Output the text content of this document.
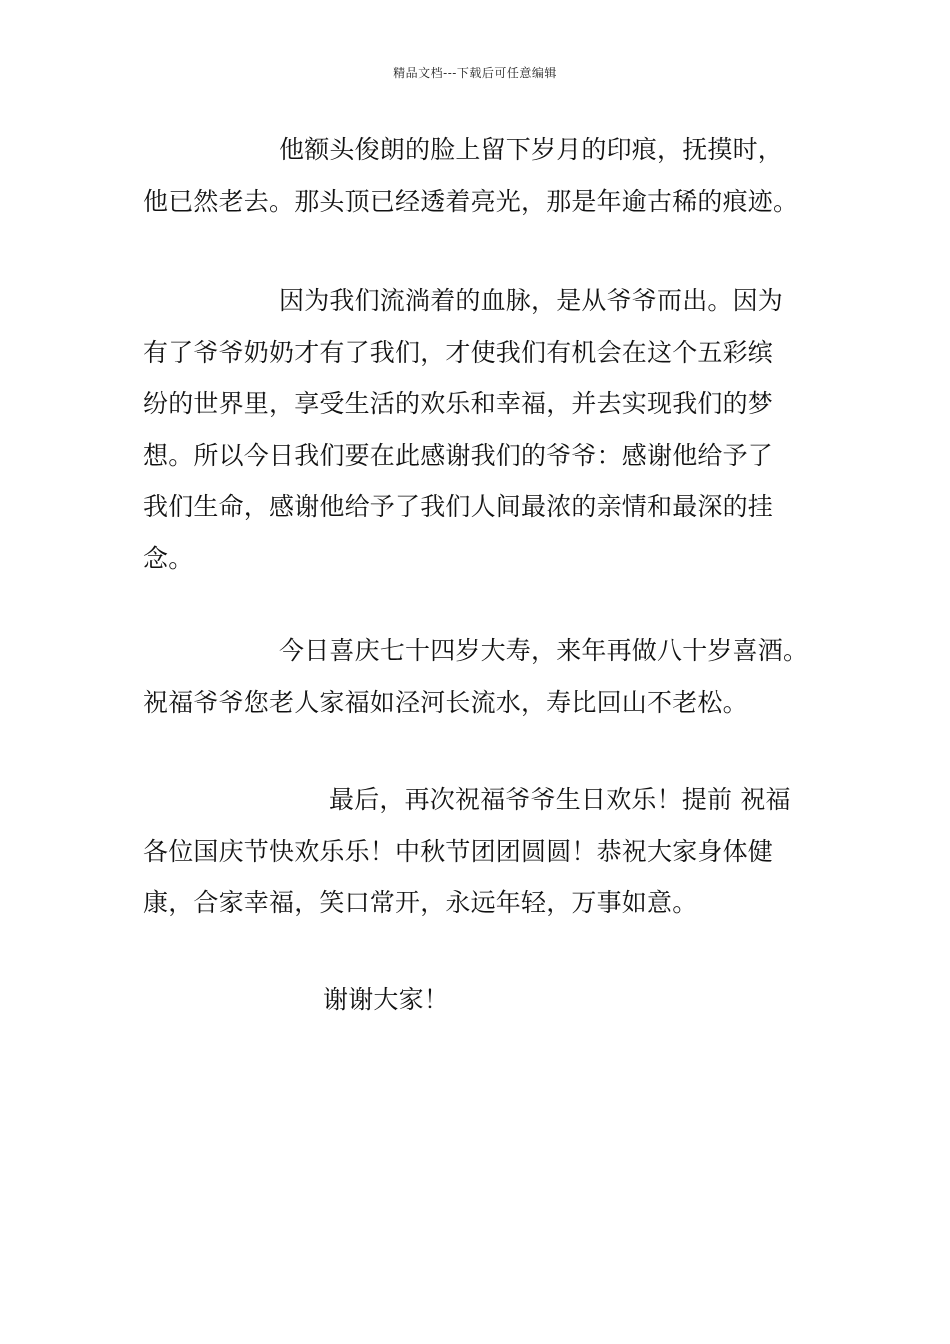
精品文档---下载后可任意编辑
他额头俊朗的脸上留下岁月的印痕，抚摸时，
他已然老去。那头顶已经透着亮光，那是年逾古稀的痕迹。
因为我们流淌着的血脉，是从爷爷而出。因为
有了爷爷奶奶才有了我们，才使我们有机会在这个五彩缤
纷的世界里，享受生活的欢乐和幸福，并去实现我们的梦
想。所以今日我们要在此感谢我们的爷爷：感谢他给予了
我们生命，感谢他给予了我们人间最浓的亲情和最深的挂
念。
今日喜庆七十四岁大寿，来年再做八十岁喜酒。
祝福爷爷您老人家福如泾河长流水，寿比回山不老松。
最后，再次祝福爷爷生日欢乐！提前 祝福
各位国庆节快欢乐乐！中秋节团团圆圆！恭祝大家身体健
康，合家幸福，笑口常开，永远年轻，万事如意。
谢谢大家！
